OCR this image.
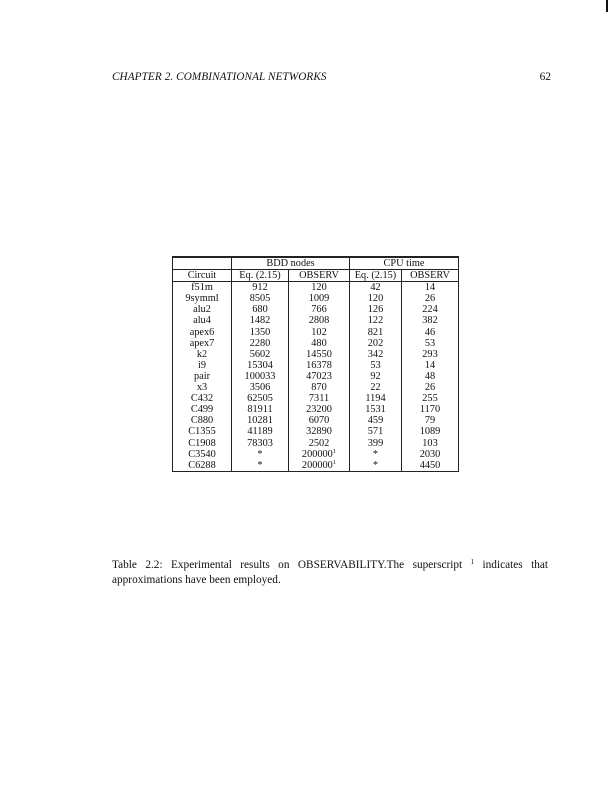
CHAPTER 2. COMBINATIONAL NETWORKS	62
	BDD nodes		CPU time	
Circuit	Eq. (2.15)	OBSERV	Eq. (2.15)	OBSERV
f51m	912	120	42	14
9symml	8505	1009	120	26
alu2	680	766	126	224
alu4	1482	2808	122	382
apex6	1350	102	821	46
apex7	2280	480	202	53
k2	5602	14550	342	293
i9	15304	16378	53	14
pair	100033	47023	92	48
x3	3506	870	22	26
C432	62505	7311	1194	255
C499	81911	23200	1531	1170
C880	10281	6070	459	79
C1355	41189	32890	571	1089
C1908	78303	2502	399	103
C3540	*	200000$^1$	*	2030
C6288	*	200000$^1$	*	4450

Table 2.2: Experimental results on OBSERVABILITY.The superscript $^1$ indicates that approximations have been employed.
